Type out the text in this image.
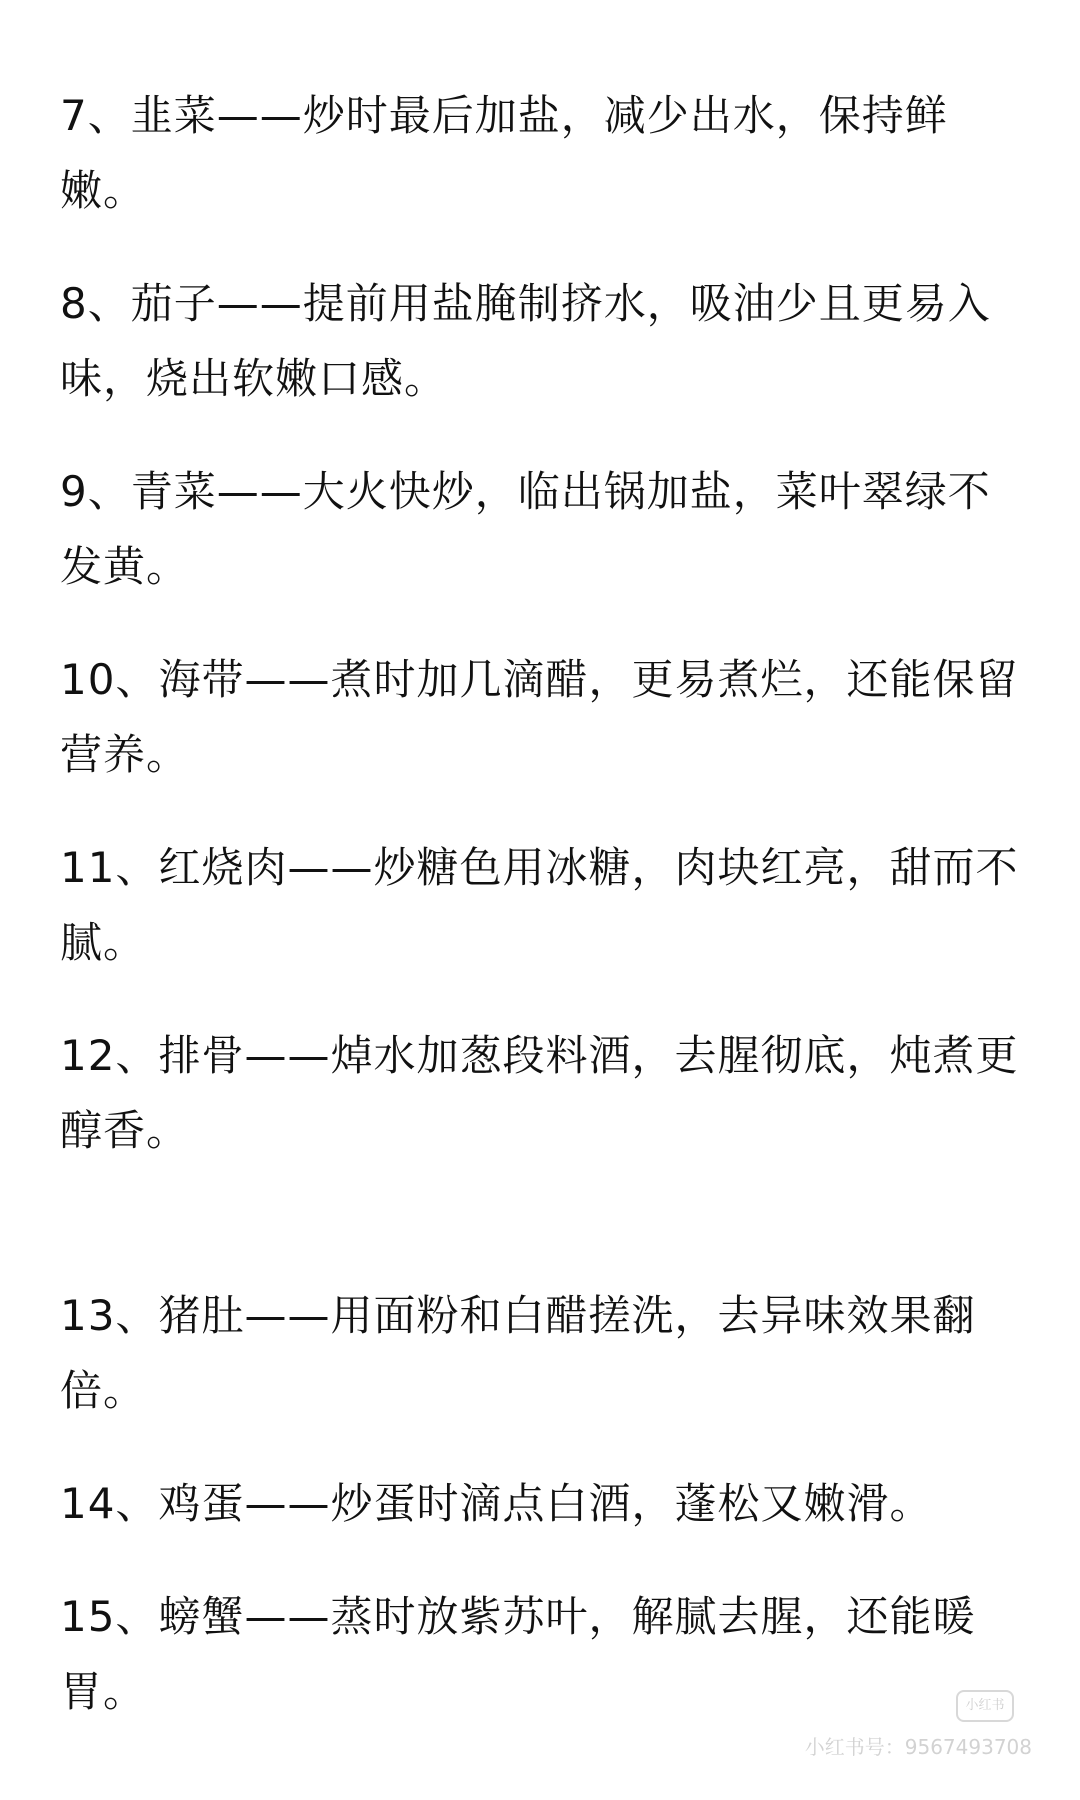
7、韭菜——炒时最后加盐，减少出水，保持鲜嫩。

8、茄子——提前用盐腌制挤水，吸油少且更易入味，烧出软嫩口感。

9、青菜——大火快炒，临出锅加盐，菜叶翠绿不发黄。

10、海带——煮时加几滴醋，更易煮烂，还能保留营养。

11、红烧肉——炒糖色用冰糖，肉块红亮，甜而不腻。

12、排骨——焯水加葱段料酒，去腥彻底，炖煮更醇香。

13、猪肚——用面粉和白醋搓洗，去异味效果翻倍。

14、鸡蛋——炒蛋时滴点白酒，蓬松又嫩滑。

15、螃蟹——蒸时放紫苏叶，解腻去腥，还能暖胃。	小红书
小红书号：9567493708
